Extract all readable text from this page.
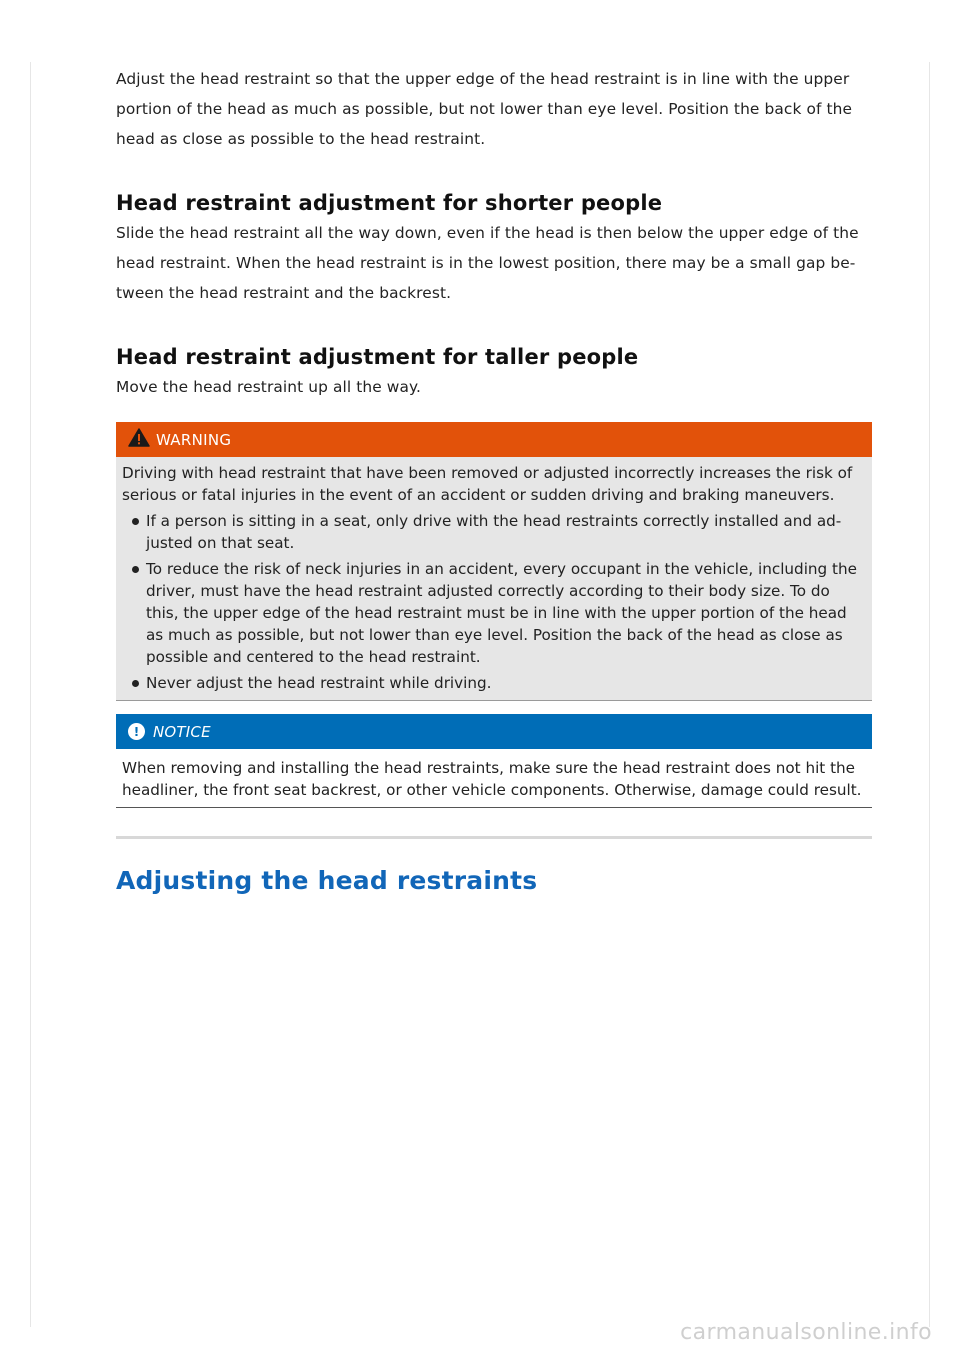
Adjust the head restraint so that the upper edge of the head restraint is in line with the upper portion of the head as much as possible, but not lower than eye level. Position the back of the head as close as possible to the head restraint.

Head restraint adjustment for shorter people

Slide the head restraint all the way down, even if the head is then below the upper edge of the head restraint. When the head restraint is in the lowest position, there may be a small gap be-tween the head restraint and the backrest.

Head restraint adjustment for taller people

Move the head restraint up all the way.

WARNING

Driving with head restraint that have been removed or adjusted incorrectly increases the risk of serious or fatal injuries in the event of an accident or sudden driving and braking maneuvers.

If a person is sitting in a seat, only drive with the head restraints correctly installed and ad-justed on that seat.
To reduce the risk of neck injuries in an accident, every occupant in the vehicle, including the driver, must have the head restraint adjusted correctly according to their body size. To do this, the upper edge of the head restraint must be in line with the upper portion of the head as much as possible, but not lower than eye level. Position the back of the head as close as possible and centered to the head restraint.
Never adjust the head restraint while driving.
! NOTICE

When removing and installing the head restraints, make sure the head restraint does not hit the headliner, the front seat backrest, or other vehicle components. Otherwise, damage could result.

Adjusting the head restraints
carmanualsonline.info
